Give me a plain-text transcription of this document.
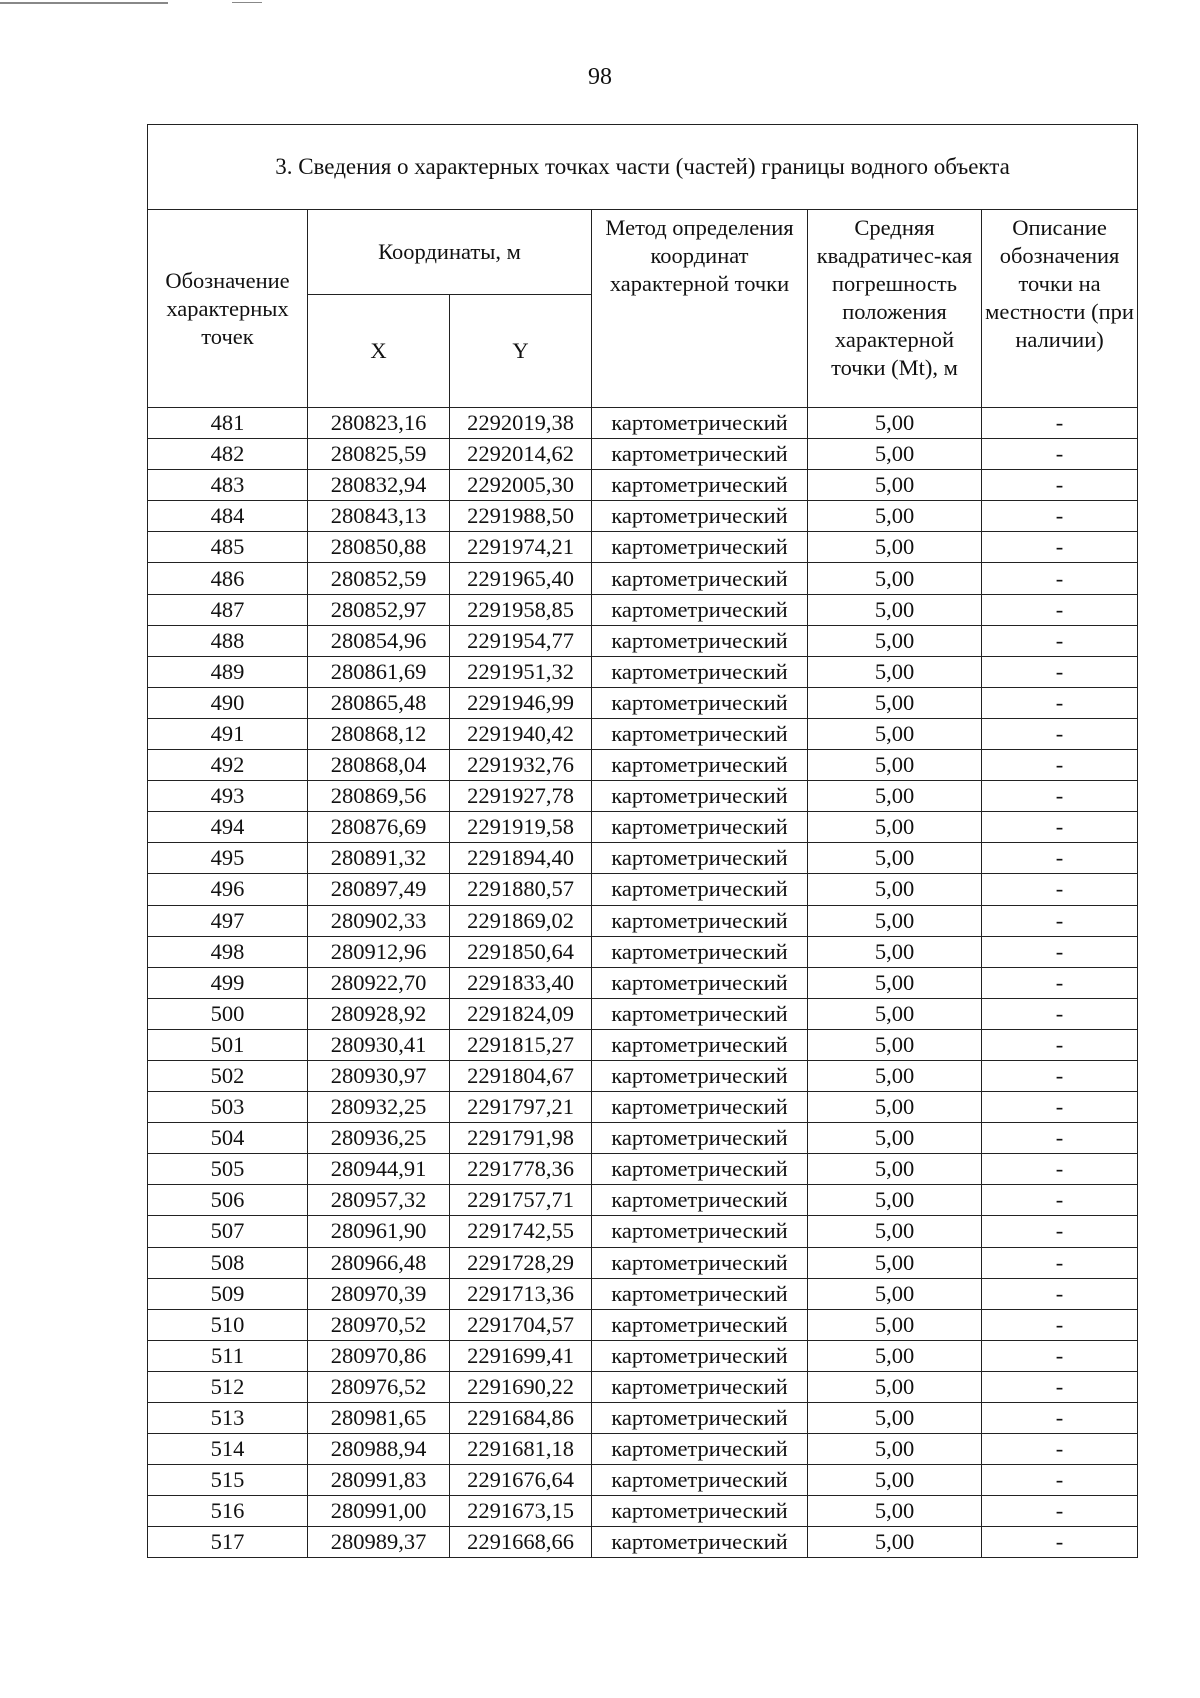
98
3. Сведения о характерных точках части (частей) границы водного объекта					
Обозначение характерных точек	Координаты, м		Метод определения координат характерной точки	Средняя квадратичес-кая погрешность положения характерной точки (Mt), м	Описание обозначения точки на местности (при наличии)
	X	Y			
481	280823,16	2292019,38	картометрический	5,00	-
482	280825,59	2292014,62	картометрический	5,00	-
483	280832,94	2292005,30	картометрический	5,00	-
484	280843,13	2291988,50	картометрический	5,00	-
485	280850,88	2291974,21	картометрический	5,00	-
486	280852,59	2291965,40	картометрический	5,00	-
487	280852,97	2291958,85	картометрический	5,00	-
488	280854,96	2291954,77	картометрический	5,00	-
489	280861,69	2291951,32	картометрический	5,00	-
490	280865,48	2291946,99	картометрический	5,00	-
491	280868,12	2291940,42	картометрический	5,00	-
492	280868,04	2291932,76	картометрический	5,00	-
493	280869,56	2291927,78	картометрический	5,00	-
494	280876,69	2291919,58	картометрический	5,00	-
495	280891,32	2291894,40	картометрический	5,00	-
496	280897,49	2291880,57	картометрический	5,00	-
497	280902,33	2291869,02	картометрический	5,00	-
498	280912,96	2291850,64	картометрический	5,00	-
499	280922,70	2291833,40	картометрический	5,00	-
500	280928,92	2291824,09	картометрический	5,00	-
501	280930,41	2291815,27	картометрический	5,00	-
502	280930,97	2291804,67	картометрический	5,00	-
503	280932,25	2291797,21	картометрический	5,00	-
504	280936,25	2291791,98	картометрический	5,00	-
505	280944,91	2291778,36	картометрический	5,00	-
506	280957,32	2291757,71	картометрический	5,00	-
507	280961,90	2291742,55	картометрический	5,00	-
508	280966,48	2291728,29	картометрический	5,00	-
509	280970,39	2291713,36	картометрический	5,00	-
510	280970,52	2291704,57	картометрический	5,00	-
511	280970,86	2291699,41	картометрический	5,00	-
512	280976,52	2291690,22	картометрический	5,00	-
513	280981,65	2291684,86	картометрический	5,00	-
514	280988,94	2291681,18	картометрический	5,00	-
515	280991,83	2291676,64	картометрический	5,00	-
516	280991,00	2291673,15	картометрический	5,00	-
517	280989,37	2291668,66	картометрический	5,00	-
